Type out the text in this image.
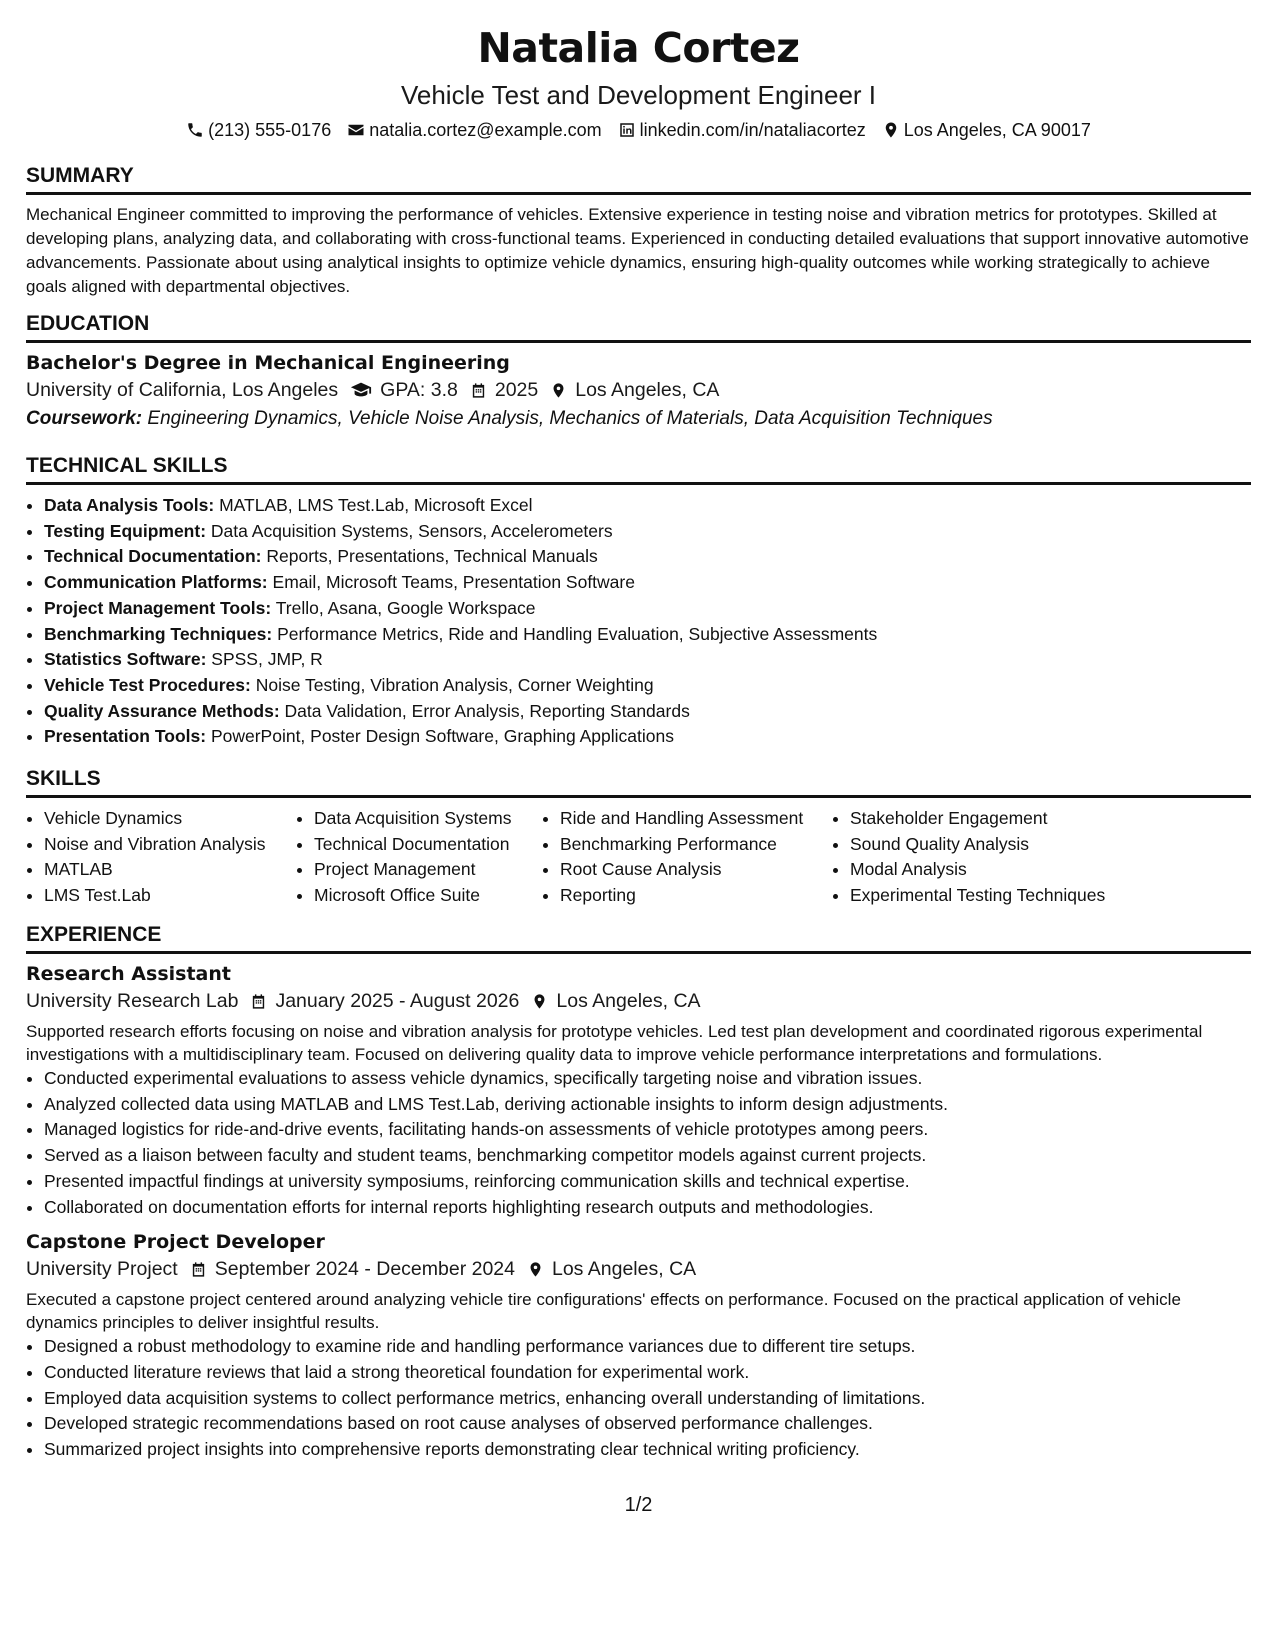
Natalia Cortez
Vehicle Test and Development Engineer I
(213) 555-0176 natalia.cortez@example.com linkedin.com/in/nataliacortez Los Angeles, CA 90017
SUMMARY
Mechanical Engineer committed to improving the performance of vehicles. Extensive experience in testing noise and vibration metrics for prototypes. Skilled at developing plans, analyzing data, and collaborating with cross-functional teams. Experienced in conducting detailed evaluations that support innovative automotive advancements. Passionate about using analytical insights to optimize vehicle dynamics, ensuring high-quality outcomes while working strategically to achieve goals aligned with departmental objectives.
EDUCATION
Bachelor's Degree in Mechanical Engineering
University of California, Los Angeles GPA: 3.8 2025 Los Angeles, CA
Coursework: Engineering Dynamics, Vehicle Noise Analysis, Mechanics of Materials, Data Acquisition Techniques
TECHNICAL SKILLS
• Data Analysis Tools: MATLAB, LMS Test.Lab, Microsoft Excel
• Testing Equipment: Data Acquisition Systems, Sensors, Accelerometers
• Technical Documentation: Reports, Presentations, Technical Manuals
• Communication Platforms: Email, Microsoft Teams, Presentation Software
• Project Management Tools: Trello, Asana, Google Workspace
• Benchmarking Techniques: Performance Metrics, Ride and Handling Evaluation, Subjective Assessments
• Statistics Software: SPSS, JMP, R
• Vehicle Test Procedures: Noise Testing, Vibration Analysis, Corner Weighting
• Quality Assurance Methods: Data Validation, Error Analysis, Reporting Standards
• Presentation Tools: PowerPoint, Poster Design Software, Graphing Applications
SKILLS
• Vehicle Dynamics
• Noise and Vibration Analysis
• MATLAB
• LMS Test.Lab
• Data Acquisition Systems
• Technical Documentation
• Project Management
• Microsoft Office Suite
• Ride and Handling Assessment
• Benchmarking Performance
• Root Cause Analysis
• Reporting
• Stakeholder Engagement
• Sound Quality Analysis
• Modal Analysis
• Experimental Testing Techniques
EXPERIENCE
Research Assistant
University Research Lab January 2025 - August 2026 Los Angeles, CA
Supported research efforts focusing on noise and vibration analysis for prototype vehicles. Led test plan development and coordinated rigorous experimental investigations with a multidisciplinary team. Focused on delivering quality data to improve vehicle performance interpretations and formulations.
• Conducted experimental evaluations to assess vehicle dynamics, specifically targeting noise and vibration issues.
• Analyzed collected data using MATLAB and LMS Test.Lab, deriving actionable insights to inform design adjustments.
• Managed logistics for ride-and-drive events, facilitating hands-on assessments of vehicle prototypes among peers.
• Served as a liaison between faculty and student teams, benchmarking competitor models against current projects.
• Presented impactful findings at university symposiums, reinforcing communication skills and technical expertise.
• Collaborated on documentation efforts for internal reports highlighting research outputs and methodologies.
Capstone Project Developer
University Project September 2024 - December 2024 Los Angeles, CA
Executed a capstone project centered around analyzing vehicle tire configurations' effects on performance. Focused on the practical application of vehicle dynamics principles to deliver insightful results.
• Designed a robust methodology to examine ride and handling performance variances due to different tire setups.
• Conducted literature reviews that laid a strong theoretical foundation for experimental work.
• Employed data acquisition systems to collect performance metrics, enhancing overall understanding of limitations.
• Developed strategic recommendations based on root cause analyses of observed performance challenges.
• Summarized project insights into comprehensive reports demonstrating clear technical writing proficiency.
1/2
